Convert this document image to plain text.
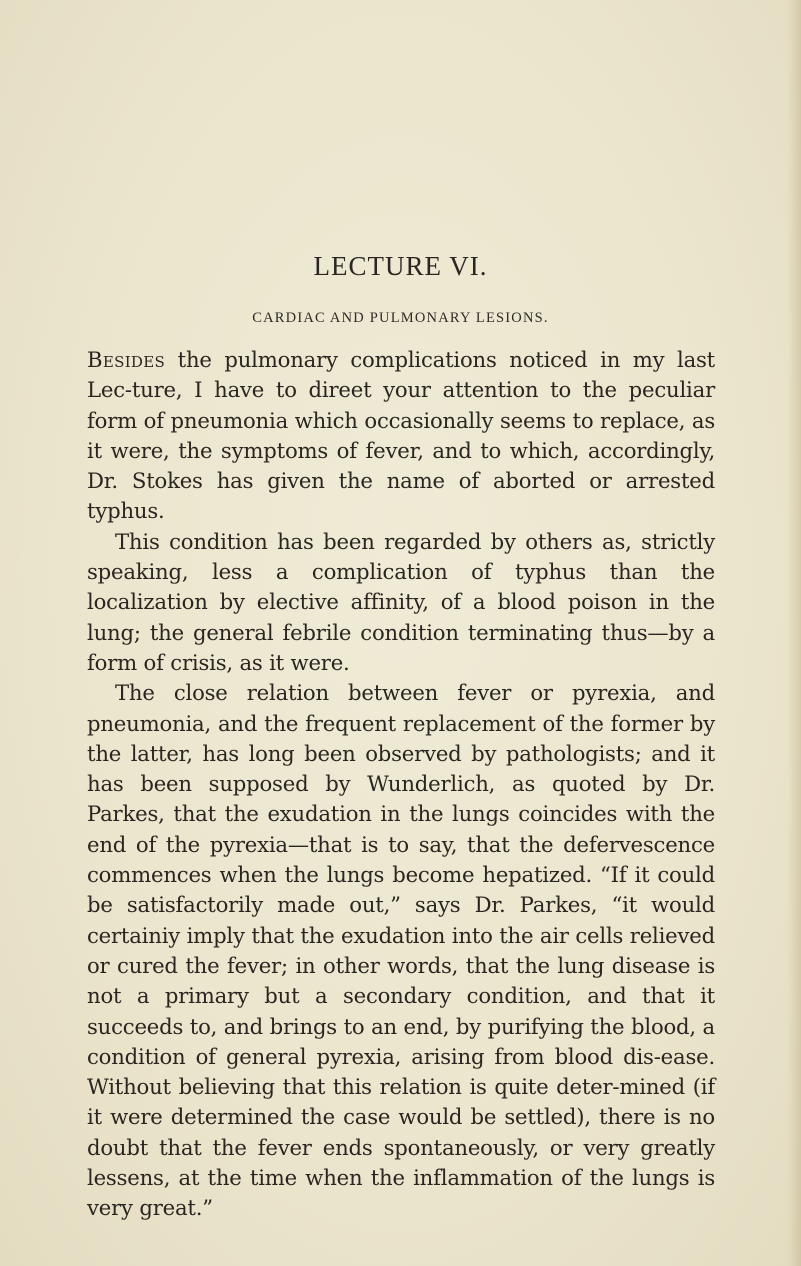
LECTURE VI.
CARDIAC AND PULMONARY LESIONS.

Besides the pulmonary complications noticed in my last Lec-ture, I have to direet your attention to the peculiar form of pneumonia which occasionally seems to replace, as it were, the symptoms of fever, and to which, accordingly, Dr. Stokes has given the name of aborted or arrested typhus.

This condition has been regarded by others as, strictly speaking, less a complication of typhus than the localization by elective affinity, of a blood poison in the lung; the general febrile condition terminating thus—by a form of crisis, as it were.

The close relation between fever or pyrexia, and pneumonia, and the frequent replacement of the former by the latter, has long been observed by pathologists; and it has been supposed by Wunderlich, as quoted by Dr. Parkes, that the exudation in the lungs coincides with the end of the pyrexia—that is to say, that the defervescence commences when the lungs become hepatized. “If it could be satisfactorily made out,” says Dr. Parkes, “it would certainiy imply that the exudation into the air cells relieved or cured the fever; in other words, that the lung disease is not a primary but a secondary condition, and that it succeeds to, and brings to an end, by purifying the blood, a condition of general pyrexia, arising from blood dis-ease. Without believing that this relation is quite deter-mined (if it were determined the case would be settled), there is no doubt that the fever ends spontaneously, or very greatly lessens, at the time when the inflammation of the lungs is very great.”
